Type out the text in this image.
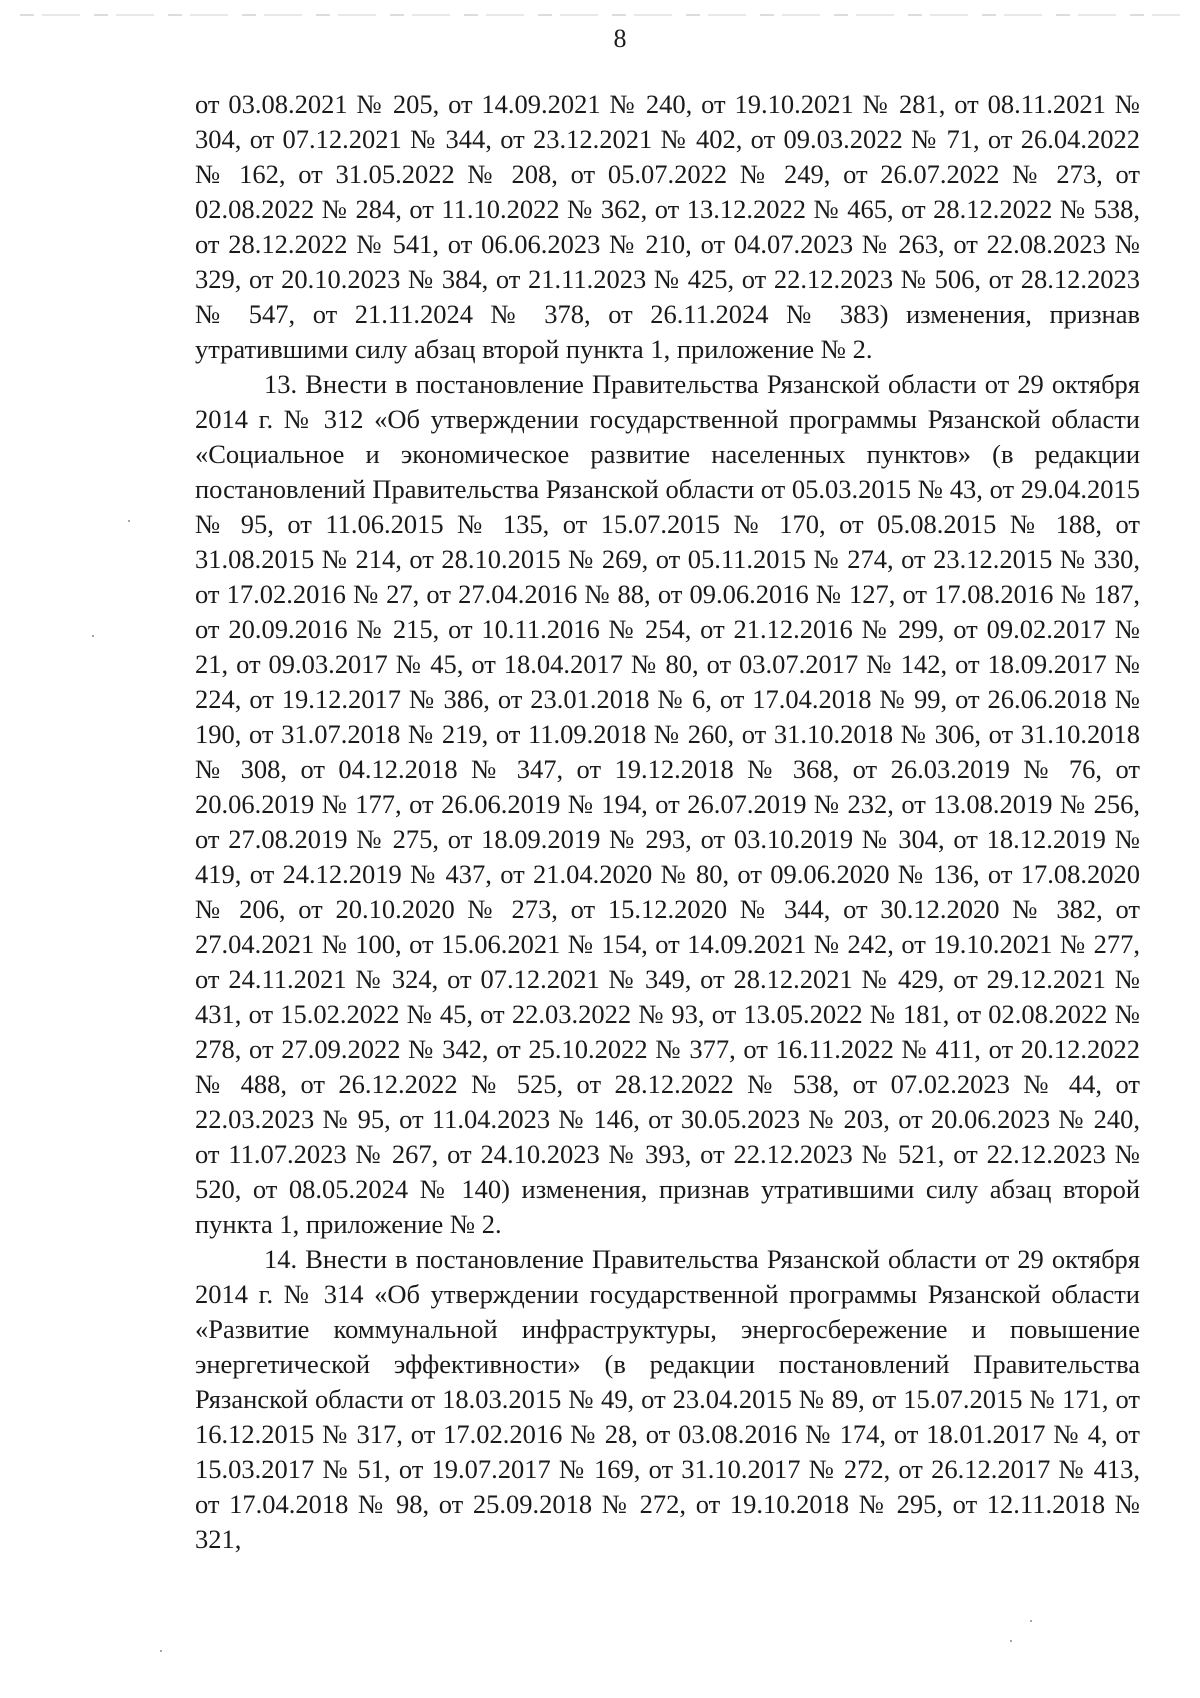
8

от 03.08.2021 № 205, от 14.09.2021 № 240, от 19.10.2021 № 281, от 08.11.2021 № 304, от 07.12.2021 № 344, от 23.12.2021 № 402, от 09.03.2022 № 71, от 26.04.2022 № 162, от 31.05.2022 № 208, от 05.07.2022 № 249, от 26.07.2022 № 273, от 02.08.2022 № 284, от 11.10.2022 № 362, от 13.12.2022 № 465, от 28.12.2022 № 538, от 28.12.2022 № 541, от 06.06.2023 № 210, от 04.07.2023 № 263, от 22.08.2023 № 329, от 20.10.2023 № 384, от 21.11.2023 № 425, от 22.12.2023 № 506, от 28.12.2023 № 547, от 21.11.2024 № 378, от 26.11.2024 № 383) изменения, признав утратившими силу абзац второй пункта 1, приложение № 2.

13. Внести в постановление Правительства Рязанской области от 29 октября 2014 г. № 312 «Об утверждении государственной программы Рязанской области «Социальное и экономическое развитие населенных пунктов» (в редакции постановлений Правительства Рязанской области от 05.03.2015 № 43, от 29.04.2015 № 95, от 11.06.2015 № 135, от 15.07.2015 № 170, от 05.08.2015 № 188, от 31.08.2015 № 214, от 28.10.2015 № 269, от 05.11.2015 № 274, от 23.12.2015 № 330, от 17.02.2016 № 27, от 27.04.2016 № 88, от 09.06.2016 № 127, от 17.08.2016 № 187, от 20.09.2016 № 215, от 10.11.2016 № 254, от 21.12.2016 № 299, от 09.02.2017 № 21, от 09.03.2017 № 45, от 18.04.2017 № 80, от 03.07.2017 № 142, от 18.09.2017 № 224, от 19.12.2017 № 386, от 23.01.2018 № 6, от 17.04.2018 № 99, от 26.06.2018 № 190, от 31.07.2018 № 219, от 11.09.2018 № 260, от 31.10.2018 № 306, от 31.10.2018 № 308, от 04.12.2018 № 347, от 19.12.2018 № 368, от 26.03.2019 № 76, от 20.06.2019 № 177, от 26.06.2019 № 194, от 26.07.2019 № 232, от 13.08.2019 № 256, от 27.08.2019 № 275, от 18.09.2019 № 293, от 03.10.2019 № 304, от 18.12.2019 № 419, от 24.12.2019 № 437, от 21.04.2020 № 80, от 09.06.2020 № 136, от 17.08.2020 № 206, от 20.10.2020 № 273, от 15.12.2020 № 344, от 30.12.2020 № 382, от 27.04.2021 № 100, от 15.06.2021 № 154, от 14.09.2021 № 242, от 19.10.2021 № 277, от 24.11.2021 № 324, от 07.12.2021 № 349, от 28.12.2021 № 429, от 29.12.2021 № 431, от 15.02.2022 № 45, от 22.03.2022 № 93, от 13.05.2022 № 181, от 02.08.2022 № 278, от 27.09.2022 № 342, от 25.10.2022 № 377, от 16.11.2022 № 411, от 20.12.2022 № 488, от 26.12.2022 № 525, от 28.12.2022 № 538, от 07.02.2023 № 44, от 22.03.2023 № 95, от 11.04.2023 № 146, от 30.05.2023 № 203, от 20.06.2023 № 240, от 11.07.2023 № 267, от 24.10.2023 № 393, от 22.12.2023 № 521, от 22.12.2023 № 520, от 08.05.2024 № 140) изменения, признав утратившими силу абзац второй пункта 1, приложение № 2.

14. Внести в постановление Правительства Рязанской области от 29 октября 2014 г. № 314 «Об утверждении государственной программы Рязанской области «Развитие коммунальной инфраструктуры, энергосбережение и повышение энергетической эффективности» (в редакции постановлений Правительства Рязанской области от 18.03.2015 № 49, от 23.04.2015 № 89, от 15.07.2015 № 171, от 16.12.2015 № 317, от 17.02.2016 № 28, от 03.08.2016 № 174, от 18.01.2017 № 4, от 15.03.2017 № 51, от 19.07.2017 № 169, от 31.10.2017 № 272, от 26.12.2017 № 413, от 17.04.2018 № 98, от 25.09.2018 № 272, от 19.10.2018 № 295, от 12.11.2018 № 321,
